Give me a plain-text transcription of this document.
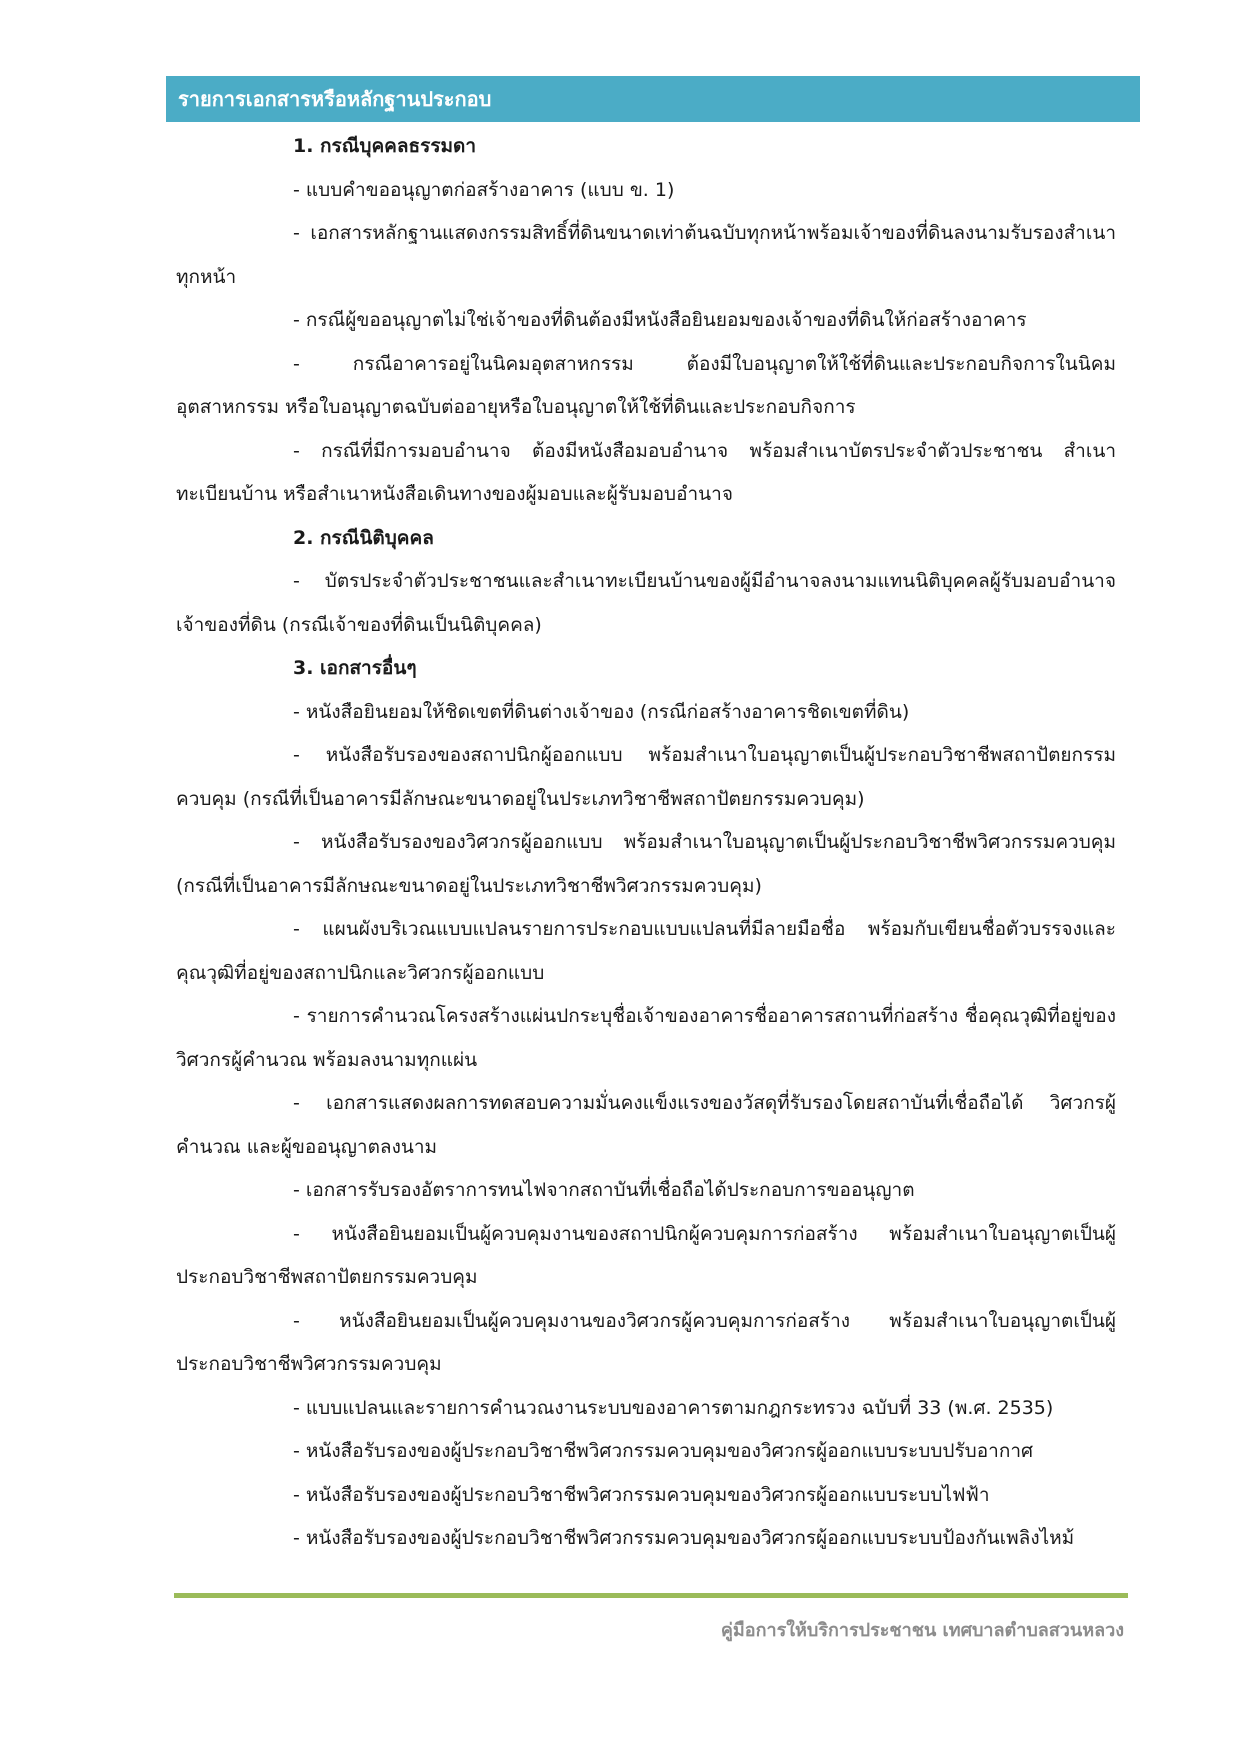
รายการเอกสารหรือหลักฐานประกอบ

1. กรณีบุคคลธรรมดา

- แบบคำขออนุญาตก่อสร้างอาคาร (แบบ ข. 1)

- เอกสารหลักฐานแสดงกรรมสิทธิ์ที่ดินขนาดเท่าต้นฉบับทุกหน้าพร้อมเจ้าของที่ดินลงนามรับรองสำเนาทุกหน้า

- กรณีผู้ขออนุญาตไม่ใช่เจ้าของที่ดินต้องมีหนังสือยินยอมของเจ้าของที่ดินให้ก่อสร้างอาคาร

- กรณีอาคารอยู่ในนิคมอุตสาหกรรม ต้องมีใบอนุญาตให้ใช้ที่ดินและประกอบกิจการในนิคมอุตสาหกรรม หรือใบอนุญาตฉบับต่ออายุหรือใบอนุญาตให้ใช้ที่ดินและประกอบกิจการ

- กรณีที่มีการมอบอำนาจ ต้องมีหนังสือมอบอำนาจ พร้อมสำเนาบัตรประจำตัวประชาชน สำเนาทะเบียนบ้าน หรือสำเนาหนังสือเดินทางของผู้มอบและผู้รับมอบอำนาจ

2. กรณีนิติบุคคล

- บัตรประจำตัวประชาชนและสำเนาทะเบียนบ้านของผู้มีอำนาจลงนามแทนนิติบุคคลผู้รับมอบอำนาจเจ้าของที่ดิน (กรณีเจ้าของที่ดินเป็นนิติบุคคล)

3. เอกสารอื่นๆ

- หนังสือยินยอมให้ชิดเขตที่ดินต่างเจ้าของ (กรณีก่อสร้างอาคารชิดเขตที่ดิน)

- หนังสือรับรองของสถาปนิกผู้ออกแบบ พร้อมสำเนาใบอนุญาตเป็นผู้ประกอบวิชาชีพสถาปัตยกรรมควบคุม (กรณีที่เป็นอาคารมีลักษณะขนาดอยู่ในประเภทวิชาชีพสถาปัตยกรรมควบคุม)

- หนังสือรับรองของวิศวกรผู้ออกแบบ พร้อมสำเนาใบอนุญาตเป็นผู้ประกอบวิชาชีพวิศวกรรมควบคุม (กรณีที่เป็นอาคารมีลักษณะขนาดอยู่ในประเภทวิชาชีพวิศวกรรมควบคุม)

- แผนผังบริเวณแบบแปลนรายการประกอบแบบแปลนที่มีลายมือชื่อ พร้อมกับเขียนชื่อตัวบรรจงและคุณวุฒิที่อยู่ของสถาปนิกและวิศวกรผู้ออกแบบ

- รายการคำนวณโครงสร้างแผ่นปกระบุชื่อเจ้าของอาคารชื่ออาคารสถานที่ก่อสร้าง ชื่อคุณวุฒิที่อยู่ของวิศวกรผู้คำนวณ พร้อมลงนามทุกแผ่น

- เอกสารแสดงผลการทดสอบความมั่นคงแข็งแรงของวัสดุที่รับรองโดยสถาบันที่เชื่อถือได้ วิศวกรผู้คำนวณ และผู้ขออนุญาตลงนาม

- เอกสารรับรองอัตราการทนไฟจากสถาบันที่เชื่อถือได้ประกอบการขออนุญาต

- หนังสือยินยอมเป็นผู้ควบคุมงานของสถาปนิกผู้ควบคุมการก่อสร้าง พร้อมสำเนาใบอนุญาตเป็นผู้ประกอบวิชาชีพสถาปัตยกรรมควบคุม

- หนังสือยินยอมเป็นผู้ควบคุมงานของวิศวกรผู้ควบคุมการก่อสร้าง พร้อมสำเนาใบอนุญาตเป็นผู้ประกอบวิชาชีพวิศวกรรมควบคุม

- แบบแปลนและรายการคำนวณงานระบบของอาคารตามกฎกระทรวง ฉบับที่ 33 (พ.ศ. 2535)

- หนังสือรับรองของผู้ประกอบวิชาชีพวิศวกรรมควบคุมของวิศวกรผู้ออกแบบระบบปรับอากาศ

- หนังสือรับรองของผู้ประกอบวิชาชีพวิศวกรรมควบคุมของวิศวกรผู้ออกแบบระบบไฟฟ้า

- หนังสือรับรองของผู้ประกอบวิชาชีพวิศวกรรมควบคุมของวิศวกรผู้ออกแบบระบบป้องกันเพลิงไหม้

คู่มือการให้บริการประชาชน เทศบาลตำบลสวนหลวง
